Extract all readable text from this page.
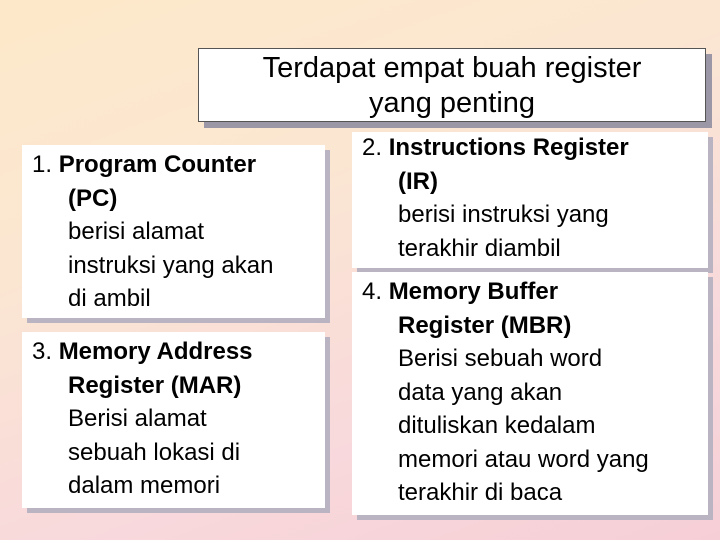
Terdapat empat buah register
yang penting
1. Program Counter
(PC)
berisi alamat
instruksi yang akan
di ambil
2. Instructions Register
(IR)
berisi instruksi yang
terakhir diambil
3. Memory Address
Register (MAR)
Berisi alamat
sebuah lokasi di
dalam memori
4. Memory Buffer
Register (MBR)
Berisi sebuah word
data yang akan
dituliskan kedalam
memori atau word yang
terakhir di baca
